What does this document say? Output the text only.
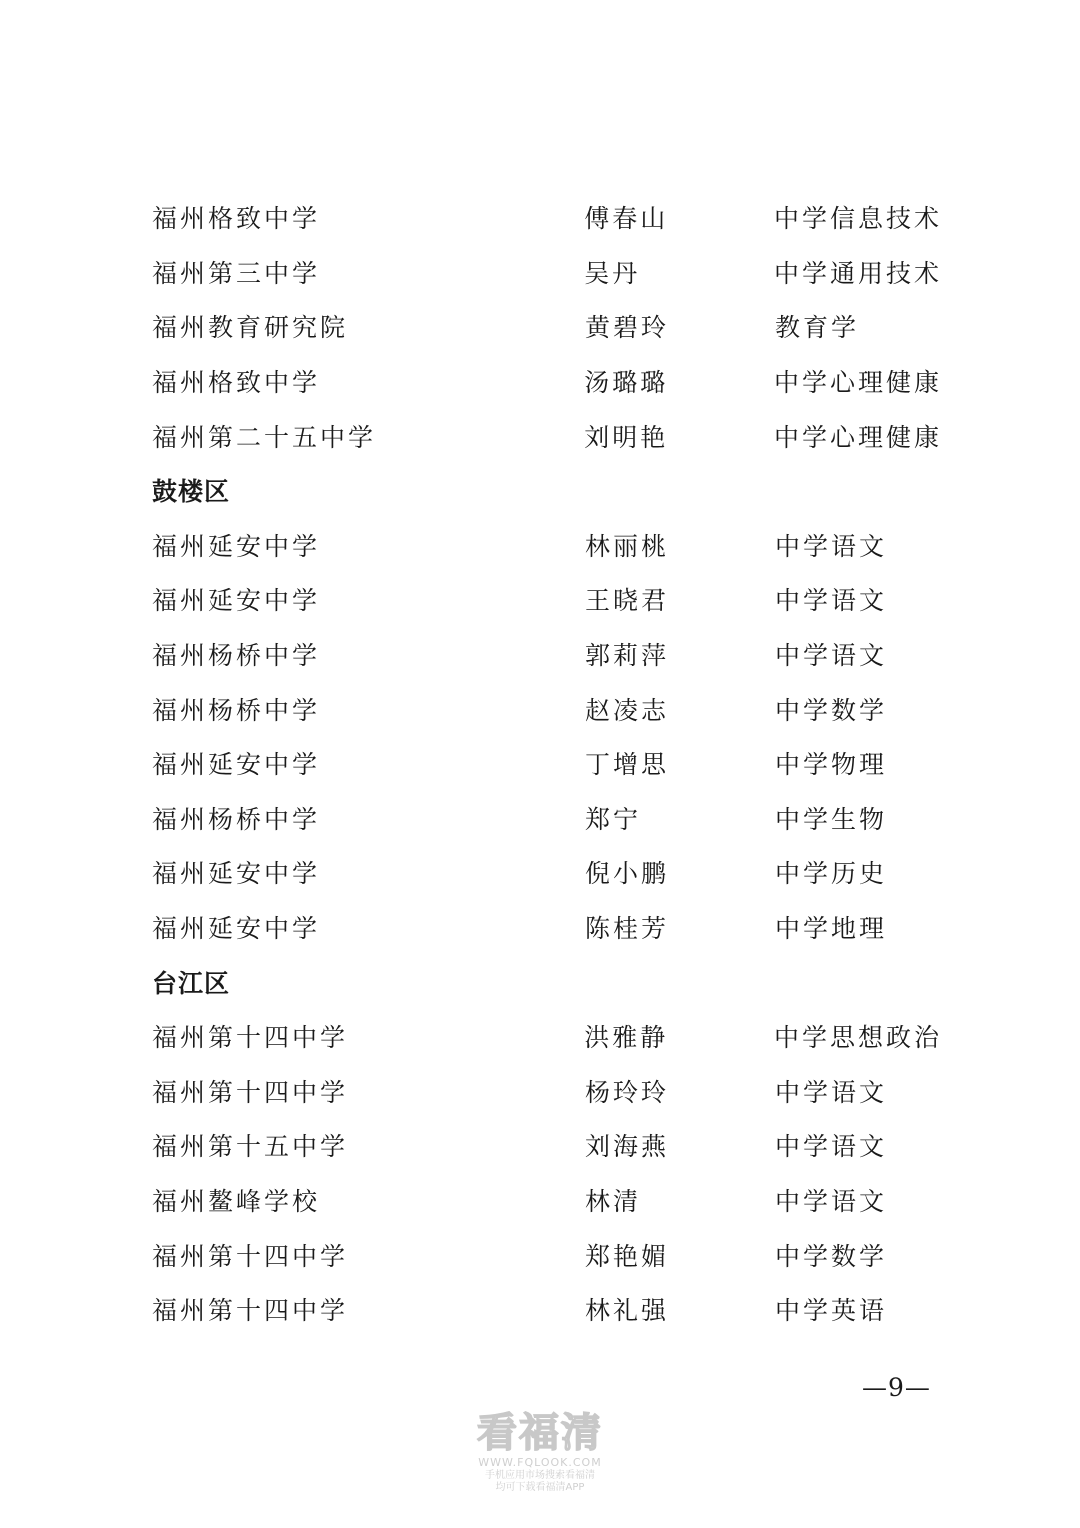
福州格致中学	傅春山	中学信息技术
福州第三中学	吴丹	中学通用技术
福州教育研究院	黄碧玲	教育学
福州格致中学	汤璐璐	中学心理健康
福州第二十五中学	刘明艳	中学心理健康
鼓楼区
福州延安中学	林丽桃	中学语文
福州延安中学	王晓君	中学语文
福州杨桥中学	郭莉萍	中学语文
福州杨桥中学	赵凌志	中学数学
福州延安中学	丁增思	中学物理
福州杨桥中学	郑宁	中学生物
福州延安中学	倪小鹏	中学历史
福州延安中学	陈桂芳	中学地理
台江区
福州第十四中学	洪雅静	中学思想政治
福州第十四中学	杨玲玲	中学语文
福州第十五中学	刘海燕	中学语文
福州鳌峰学校	林清	中学语文
福州第十四中学	郑艳媚	中学数学
福州第十四中学	林礼强	中学英语
—9—
看福清
WWW.FQLOOK.COM
手机应用市场搜索看福清
均可下载看福清APP
